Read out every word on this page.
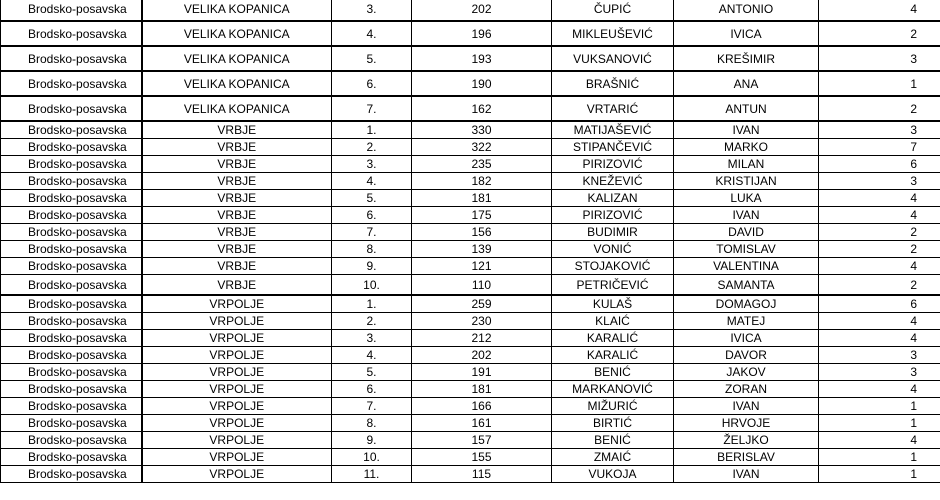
Brodsko-posavska	VELIKA KOPANICA	3.	202	ČUPIĆ	ANTONIO	4
Brodsko-posavska	VELIKA KOPANICA	4.	196	MIKLEUŠEVIĆ	IVICA	2
Brodsko-posavska	VELIKA KOPANICA	5.	193	VUKSANOVIĆ	KREŠIMIR	3
Brodsko-posavska	VELIKA KOPANICA	6.	190	BRAŠNIĆ	ANA	1
Brodsko-posavska	VELIKA KOPANICA	7.	162	VRTARIĆ	ANTUN	2
Brodsko-posavska	VRBJE	1.	330	MATIJAŠEVIĆ	IVAN	3
Brodsko-posavska	VRBJE	2.	322	STIPANČEVIĆ	MARKO	7
Brodsko-posavska	VRBJE	3.	235	PIRIZOVIĆ	MILAN	6
Brodsko-posavska	VRBJE	4.	182	KNEŽEVIĆ	KRISTIJAN	3
Brodsko-posavska	VRBJE	5.	181	KALIZAN	LUKA	4
Brodsko-posavska	VRBJE	6.	175	PIRIZOVIĆ	IVAN	4
Brodsko-posavska	VRBJE	7.	156	BUDIMIR	DAVID	2
Brodsko-posavska	VRBJE	8.	139	VONIĆ	TOMISLAV	2
Brodsko-posavska	VRBJE	9.	121	STOJAKOVIĆ	VALENTINA	4
Brodsko-posavska	VRBJE	10.	110	PETRIČEVIĆ	SAMANTA	2
Brodsko-posavska	VRPOLJE	1.	259	KULAŠ	DOMAGOJ	6
Brodsko-posavska	VRPOLJE	2.	230	KLAIĆ	MATEJ	4
Brodsko-posavska	VRPOLJE	3.	212	KARALIĆ	IVICA	4
Brodsko-posavska	VRPOLJE	4.	202	KARALIĆ	DAVOR	3
Brodsko-posavska	VRPOLJE	5.	191	BENIĆ	JAKOV	3
Brodsko-posavska	VRPOLJE	6.	181	MARKANOVIĆ	ZORAN	4
Brodsko-posavska	VRPOLJE	7.	166	MIŽURIĆ	IVAN	1
Brodsko-posavska	VRPOLJE	8.	161	BIRTIĆ	HRVOJE	1
Brodsko-posavska	VRPOLJE	9.	157	BENIĆ	ŽELJKO	4
Brodsko-posavska	VRPOLJE	10.	155	ZMAIĆ	BERISLAV	1
Brodsko-posavska	VRPOLJE	11.	115	VUKOJA	IVAN	1
